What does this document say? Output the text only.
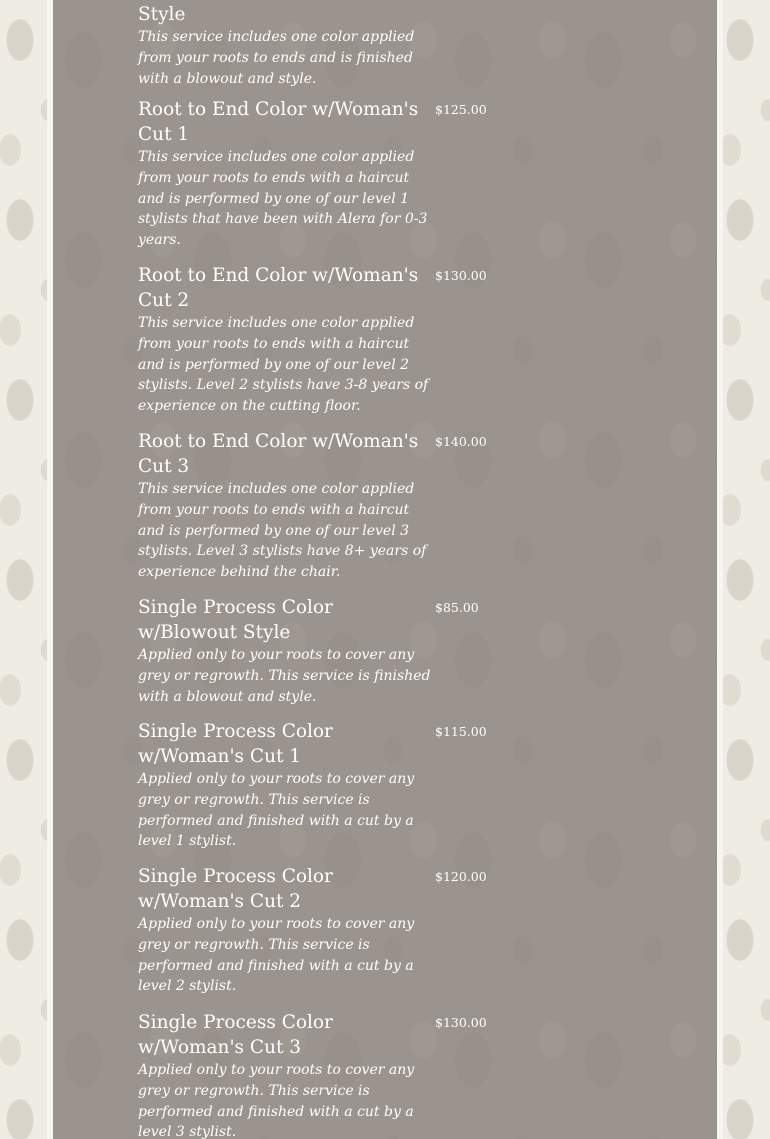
Style

This service includes one color applied from your roots to ends and is finished with a blowout and style.

Root to End Color w/Woman's Cut 1

This service includes one color applied from your roots to ends with a haircut and is performed by one of our level 1 stylists that have been with Alera for 0-3 years.

$125.00
Root to End Color w/Woman's Cut 2

This service includes one color applied from your roots to ends with a haircut and is performed by one of our level 2 stylists. Level 2 stylists have 3-8 years of experience on the cutting floor.

$130.00
Root to End Color w/Woman's Cut 3

This service includes one color applied from your roots to ends with a haircut and is performed by one of our level 3 stylists. Level 3 stylists have 8+ years of experience behind the chair.

$140.00
Single Process Color w/Blowout Style

Applied only to your roots to cover any grey or regrowth. This service is finished with a blowout and style.

$85.00
Single Process Color w/Woman's Cut 1

Applied only to your roots to cover any grey or regrowth. This service is performed and finished with a cut by a level 1 stylist.

$115.00
Single Process Color w/Woman's Cut 2

Applied only to your roots to cover any grey or regrowth. This service is performed and finished with a cut by a level 2 stylist.

$120.00
Single Process Color w/Woman's Cut 3

Applied only to your roots to cover any grey or regrowth. This service is performed and finished with a cut by a level 3 stylist.

$130.00
